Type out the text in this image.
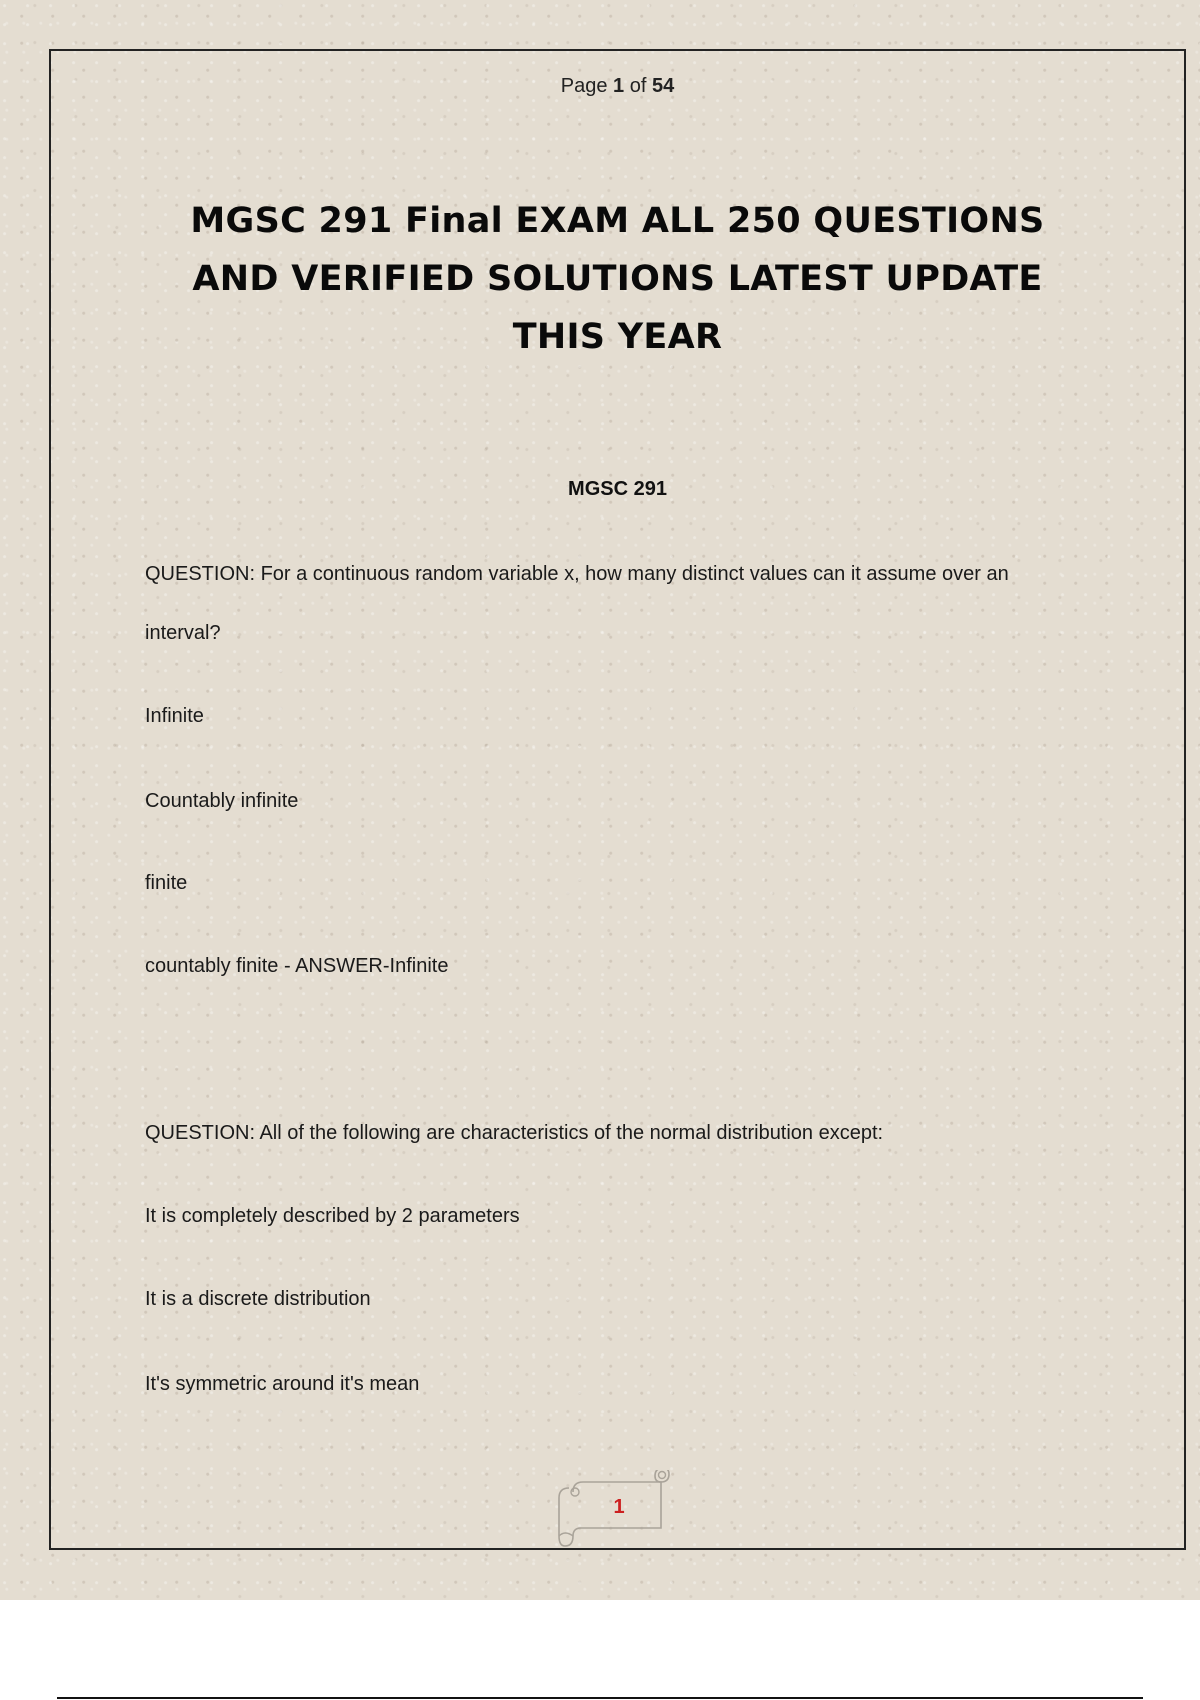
Page 1 of 54
MGSC 291 Final EXAM ALL 250 QUESTIONS
AND VERIFIED SOLUTIONS LATEST UPDATE
THIS YEAR
MGSC 291
QUESTION: For a continuous random variable x, how many distinct values can it assume over an
interval?
Infinite
Countably infinite
finite
countably finite - ANSWER-Infinite
QUESTION: All of the following are characteristics of the normal distribution except:
It is completely described by 2 parameters
It is a discrete distribution
It's symmetric around it's mean
1
